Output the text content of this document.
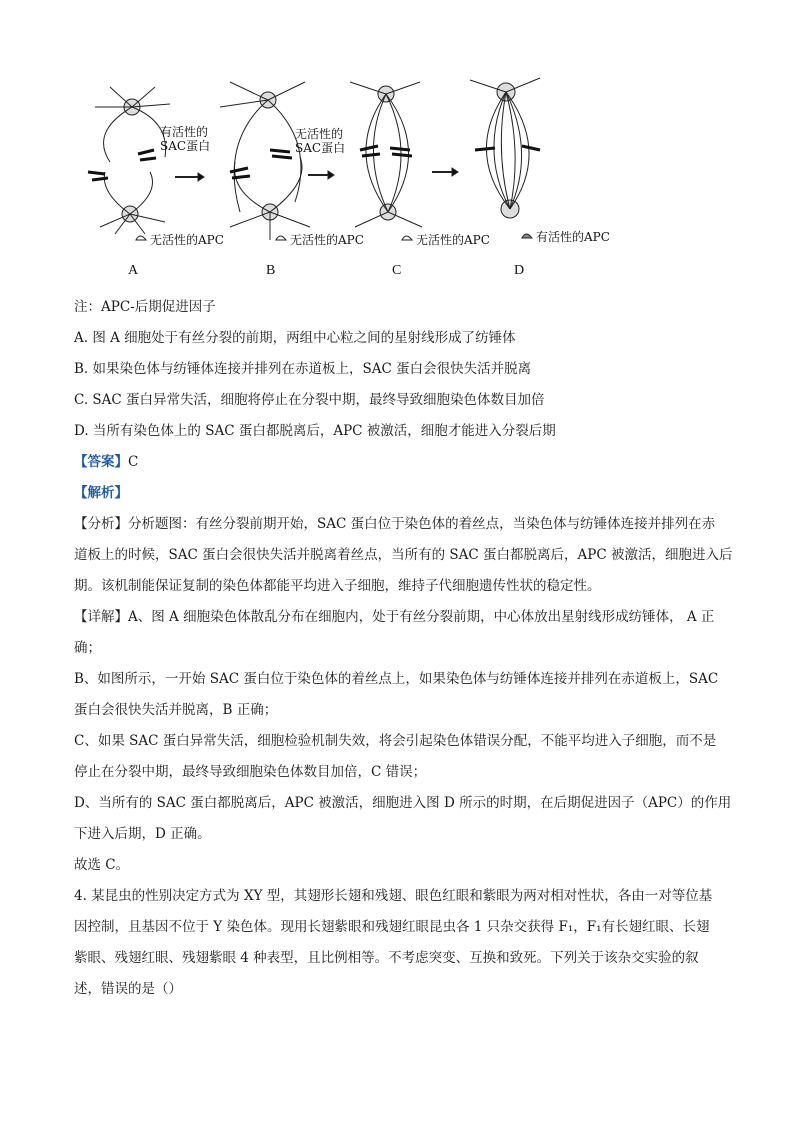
有活性的
SAC蛋白
无活性的
SAC蛋白
无活性的APC	无活性的APC	无活性的APC	有活性的APC
A	B	C	D
注：APC-后期促进因子
A. 图 A 细胞处于有丝分裂的前期，两组中心粒之间的星射线形成了纺锤体
B. 如果染色体与纺锤体连接并排列在赤道板上，SAC 蛋白会很快失活并脱离
C. SAC 蛋白异常失活，细胞将停止在分裂中期，最终导致细胞染色体数目加倍
D. 当所有染色体上的 SAC 蛋白都脱离后，APC 被激活，细胞才能进入分裂后期
【答案】C
【解析】
【分析】分析题图：有丝分裂前期开始，SAC 蛋白位于染色体的着丝点，当染色体与纺锤体连接并排列在赤
道板上的时候，SAC 蛋白会很快失活并脱离着丝点，当所有的 SAC 蛋白都脱离后，APC 被激活，细胞进入后
期。该机制能保证复制的染色体都能平均进入子细胞，维持子代细胞遗传性状的稳定性。
【详解】A、图 A 细胞染色体散乱分布在细胞内，处于有丝分裂前期，中心体放出星射线形成纺锤体， A 正
确；
B、如图所示，一开始 SAC 蛋白位于染色体的着丝点上，如果染色体与纺锤体连接并排列在赤道板上，SAC
蛋白会很快失活并脱离，B 正确；
C、如果 SAC 蛋白异常失活，细胞检验机制失效，将会引起染色体错误分配，不能平均进入子细胞，而不是
停止在分裂中期，最终导致细胞染色体数目加倍，C 错误；
D、当所有的 SAC 蛋白都脱离后，APC 被激活，细胞进入图 D 所示的时期，在后期促进因子（APC）的作用
下进入后期，D 正确。
故选 C。
4. 某昆虫的性别决定方式为 XY 型，其翅形长翅和残翅、眼色红眼和紫眼为两对相对性状，各由一对等位基
因控制，且基因不位于 Y 染色体。现用长翅紫眼和残翅红眼昆虫各 1 只杂交获得 F₁，F₁有长翅红眼、长翅
紫眼、残翅红眼、残翅紫眼 4 种表型，且比例相等。不考虑突变、互换和致死。下列关于该杂交实验的叙
述，错误的是（）
